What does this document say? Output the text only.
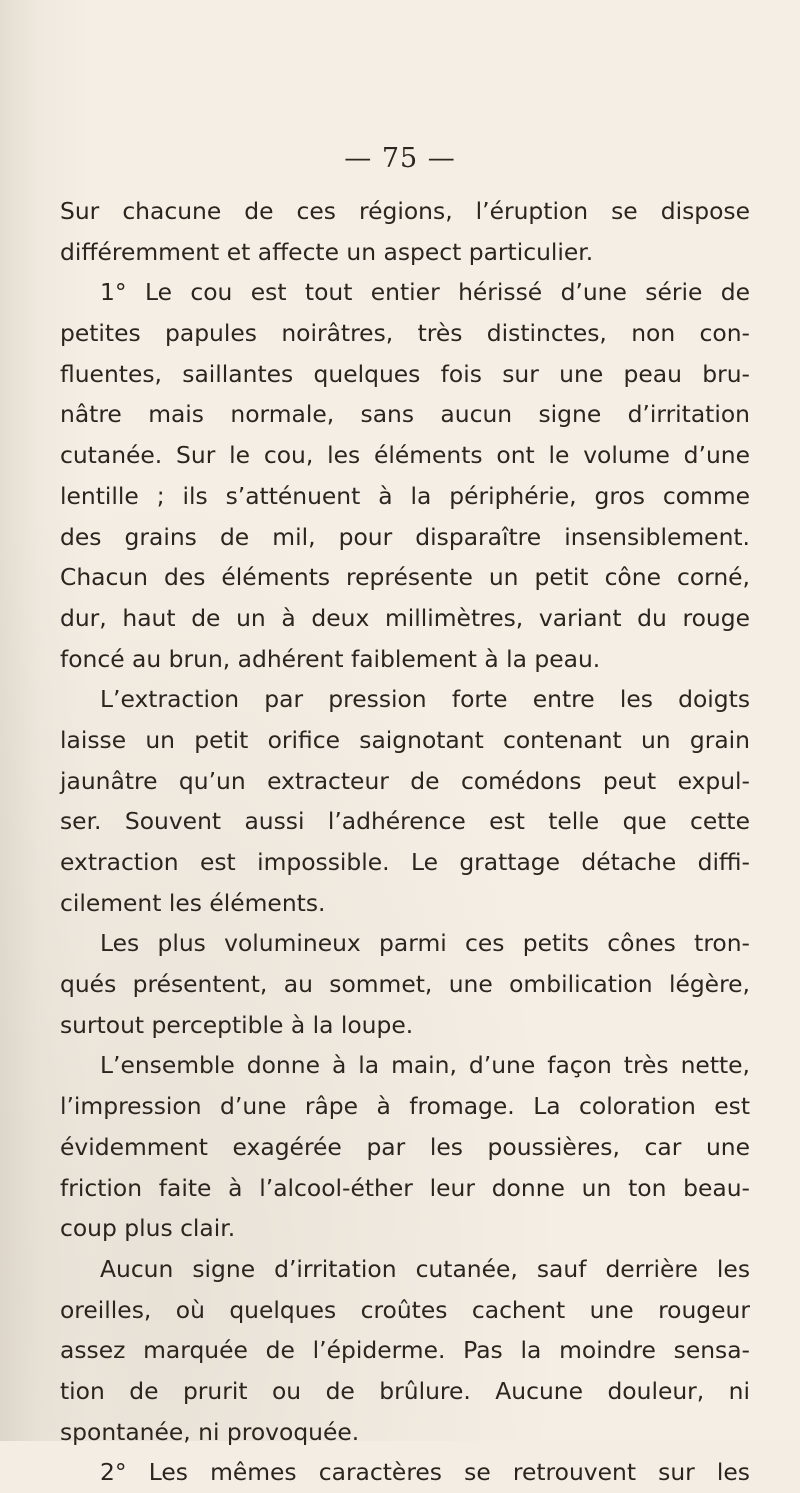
— 75 —
Sur chacune de ces régions, l’éruption se dispose
différemment et affecte un aspect particulier.
1° Le cou est tout entier hérissé d’une série de
petites papules noirâtres, très distinctes, non con-
fluentes, saillantes quelques fois sur une peau bru-
nâtre mais normale, sans aucun signe d’irritation
cutanée. Sur le cou, les éléments ont le volume d’une
lentille ; ils s’atténuent à la périphérie, gros comme
des grains de mil, pour disparaître insensiblement.
Chacun des éléments représente un petit cône corné,
dur, haut de un à deux millimètres, variant du rouge
foncé au brun, adhérent faiblement à la peau.
L’extraction par pression forte entre les doigts
laisse un petit orifice saignotant contenant un grain
jaunâtre qu’un extracteur de comédons peut expul-
ser. Souvent aussi l’adhérence est telle que cette
extraction est impossible. Le grattage détache diffi-
cilement les éléments.
Les plus volumineux parmi ces petits cônes tron-
qués présentent, au sommet, une ombilication légère,
surtout perceptible à la loupe.
L’ensemble donne à la main, d’une façon très nette,
l’impression d’une râpe à fromage. La coloration est
évidemment exagérée par les poussières, car une
friction faite à l’alcool-éther leur donne un ton beau-
coup plus clair.
Aucun signe d’irritation cutanée, sauf derrière les
oreilles, où quelques croûtes cachent une rougeur
assez marquée de l’épiderme. Pas la moindre sensa-
tion de prurit ou de brûlure. Aucune douleur, ni
spontanée, ni provoquée.
2° Les mêmes caractères se retrouvent sur les
